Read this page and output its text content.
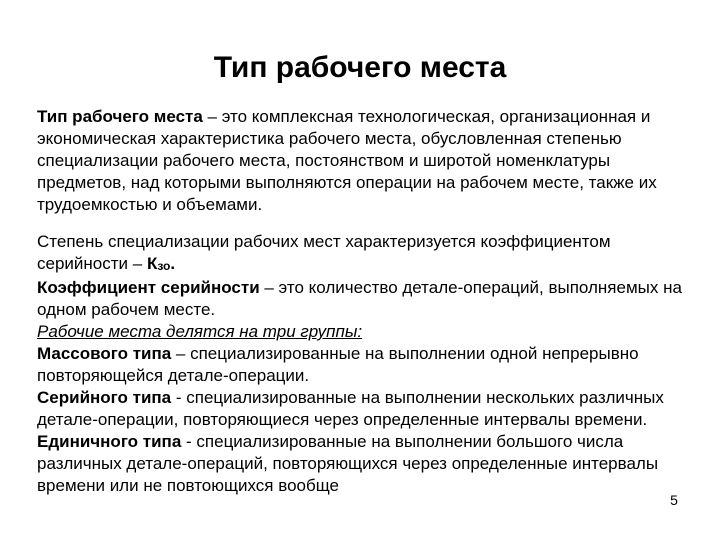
Тип рабочего места

Тип рабочего места – это комплексная технологическая, организационная и экономическая характеристика рабочего места, обусловленная степенью специализации рабочего места, постоянством и широтой номенклатуры предметов, над которыми выполняются операции на рабочем месте, также их трудоемкостью и объемами.

Степень специализации рабочих мест характеризуется коэффициентом серийности – Кзо.
Коэффициент серийности – это количество детале-операций, выполняемых на одном рабочем месте.

Рабочие места делятся на три группы:
Массового типа – специализированные на выполнении одной непрерывно повторяющейся детале-операции.
Серийного типа - специализированные на выполнении нескольких различных детале-операции, повторяющиеся через определенные интервалы времени.
Единичного типа - специализированные на выполнении большого числа различных детале-операций, повторяющихся через определенные интервалы времени или не повтоющихся вообще

5
